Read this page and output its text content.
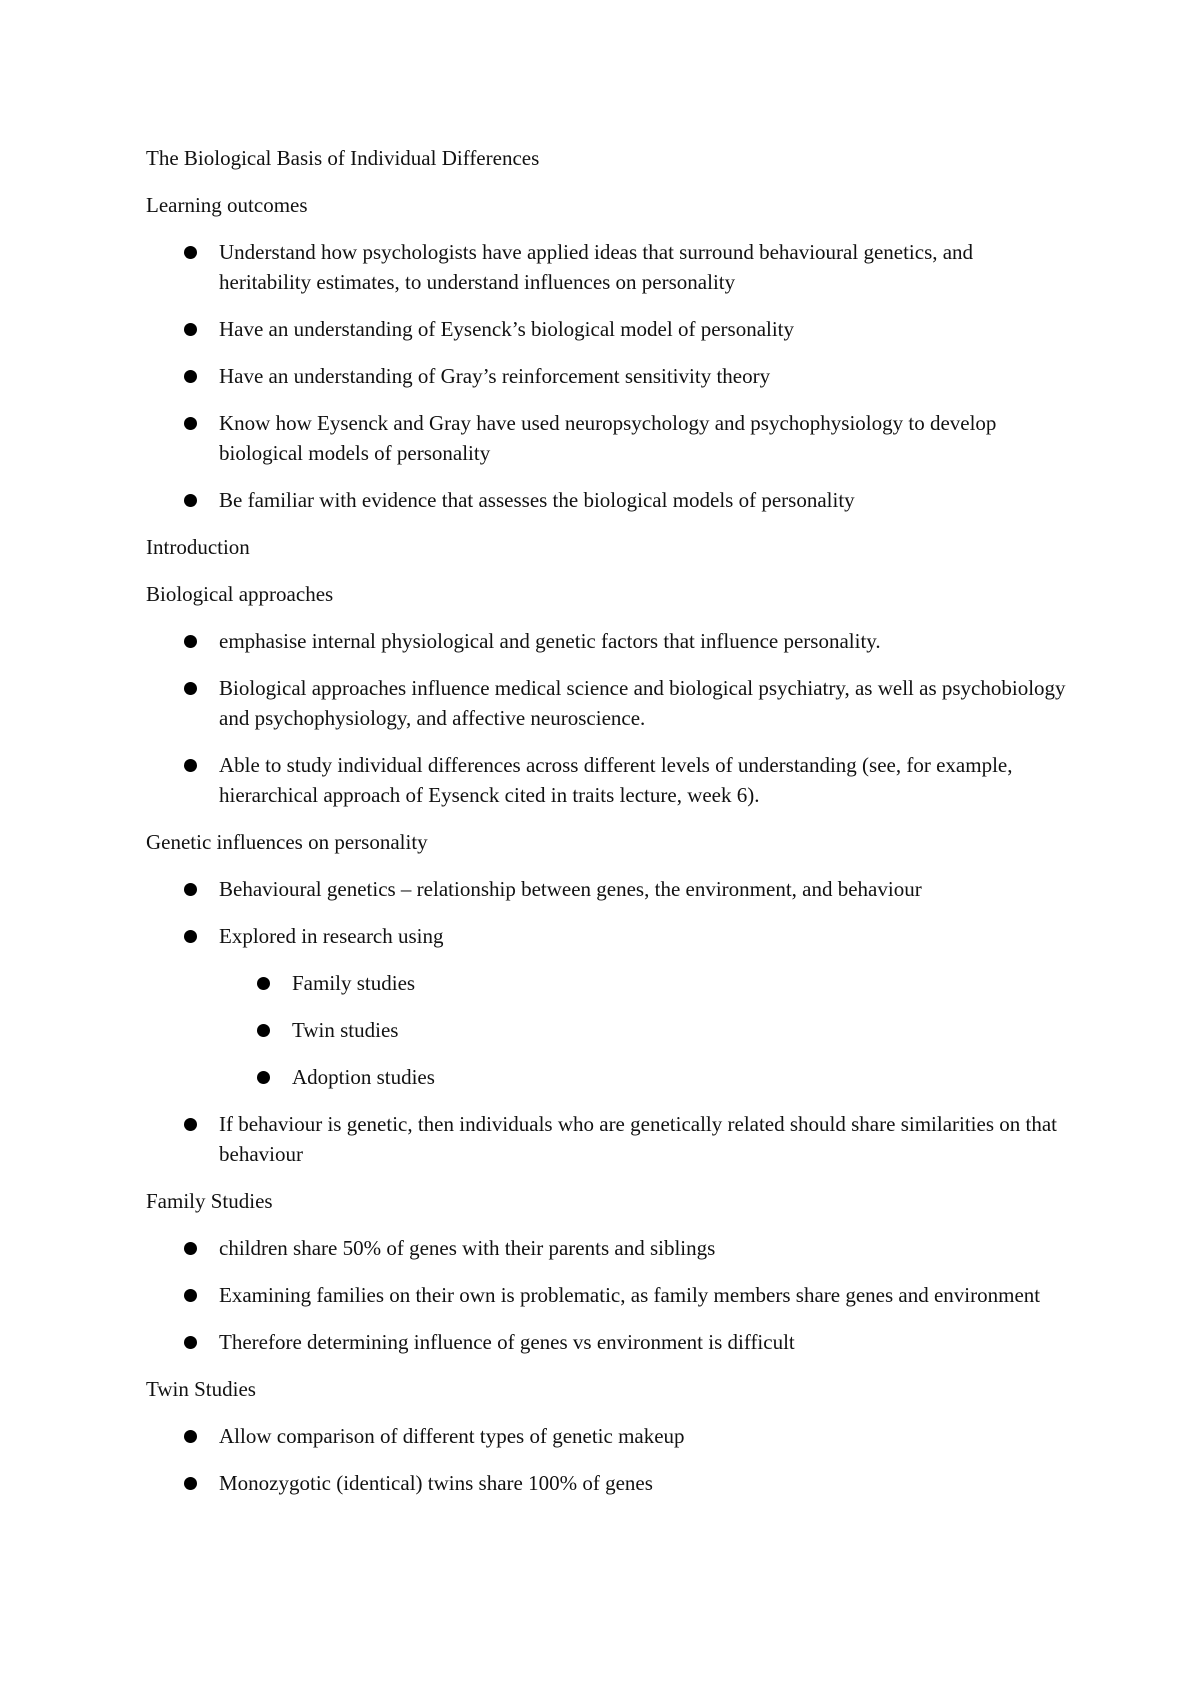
The Biological Basis of Individual Differences

Learning outcomes

Understand how psychologists have applied ideas that surround behavioural genetics, and heritability estimates, to understand influences on personality
Have an understanding of Eysenck’s biological model of personality
Have an understanding of Gray’s reinforcement sensitivity theory
Know how Eysenck and Gray have used neuropsychology and psychophysiology to develop biological models of personality
Be familiar with evidence that assesses the biological models of personality

Introduction

Biological approaches

emphasise internal physiological and genetic factors that influence personality.
Biological approaches influence medical science and biological psychiatry, as well as psychobiology and psychophysiology, and affective neuroscience.
Able to study individual differences across different levels of understanding (see, for example, hierarchical approach of Eysenck cited in traits lecture, week 6).

Genetic influences on personality

Behavioural genetics – relationship between genes, the environment, and behaviour
Explored in research using
Family studies
Twin studies
Adoption studies
If behaviour is genetic, then individuals who are genetically related should share similarities on that behaviour

Family Studies

children share 50% of genes with their parents and siblings
Examining families on their own is problematic, as family members share genes and environment
Therefore determining influence of genes vs environment is difficult

Twin Studies

Allow comparison of different types of genetic makeup
Monozygotic (identical) twins share 100% of genes
